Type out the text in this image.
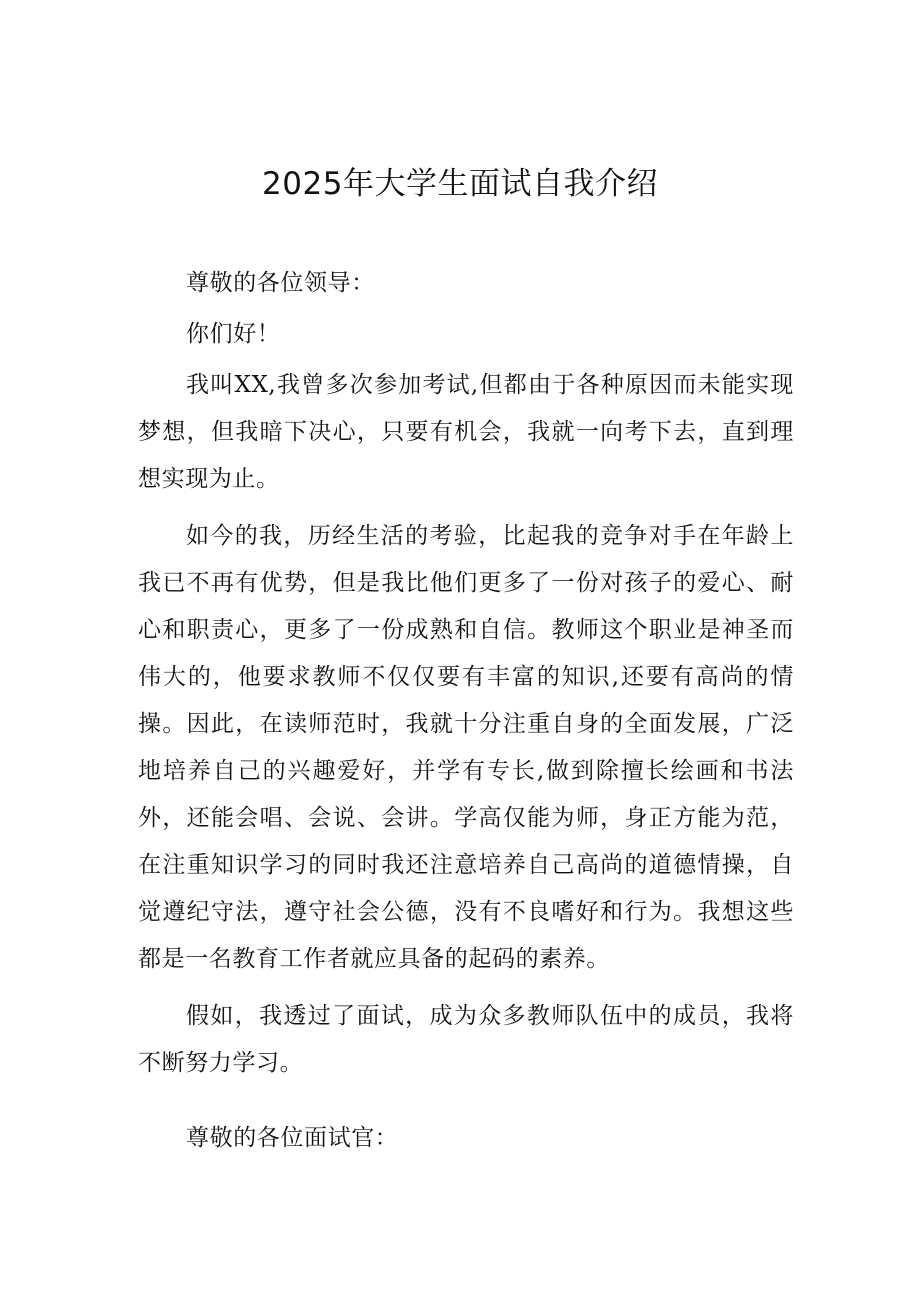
2025年大学生面试自我介绍

尊敬的各位领导：

你们好！

我叫XX,我曾多次参加考试,但都由于各种原因而未能实现梦想，但我暗下决心，只要有机会，我就一向考下去，直到理想实现为止。

如今的我，历经生活的考验，比起我的竞争对手在年龄上我已不再有优势，但是我比他们更多了一份对孩子的爱心、耐心和职责心，更多了一份成熟和自信。教师这个职业是神圣而伟大的，他要求教师不仅仅要有丰富的知识,还要有高尚的情操。因此，在读师范时，我就十分注重自身的全面发展，广泛地培养自己的兴趣爱好，并学有专长,做到除擅长绘画和书法外，还能会唱、会说、会讲。学高仅能为师，身正方能为范，在注重知识学习的同时我还注意培养自己高尚的道德情操，自觉遵纪守法，遵守社会公德，没有不良嗜好和行为。我想这些都是一名教育工作者就应具备的起码的素养。

假如，我透过了面试，成为众多教师队伍中的成员，我将不断努力学习。

尊敬的各位面试官：
